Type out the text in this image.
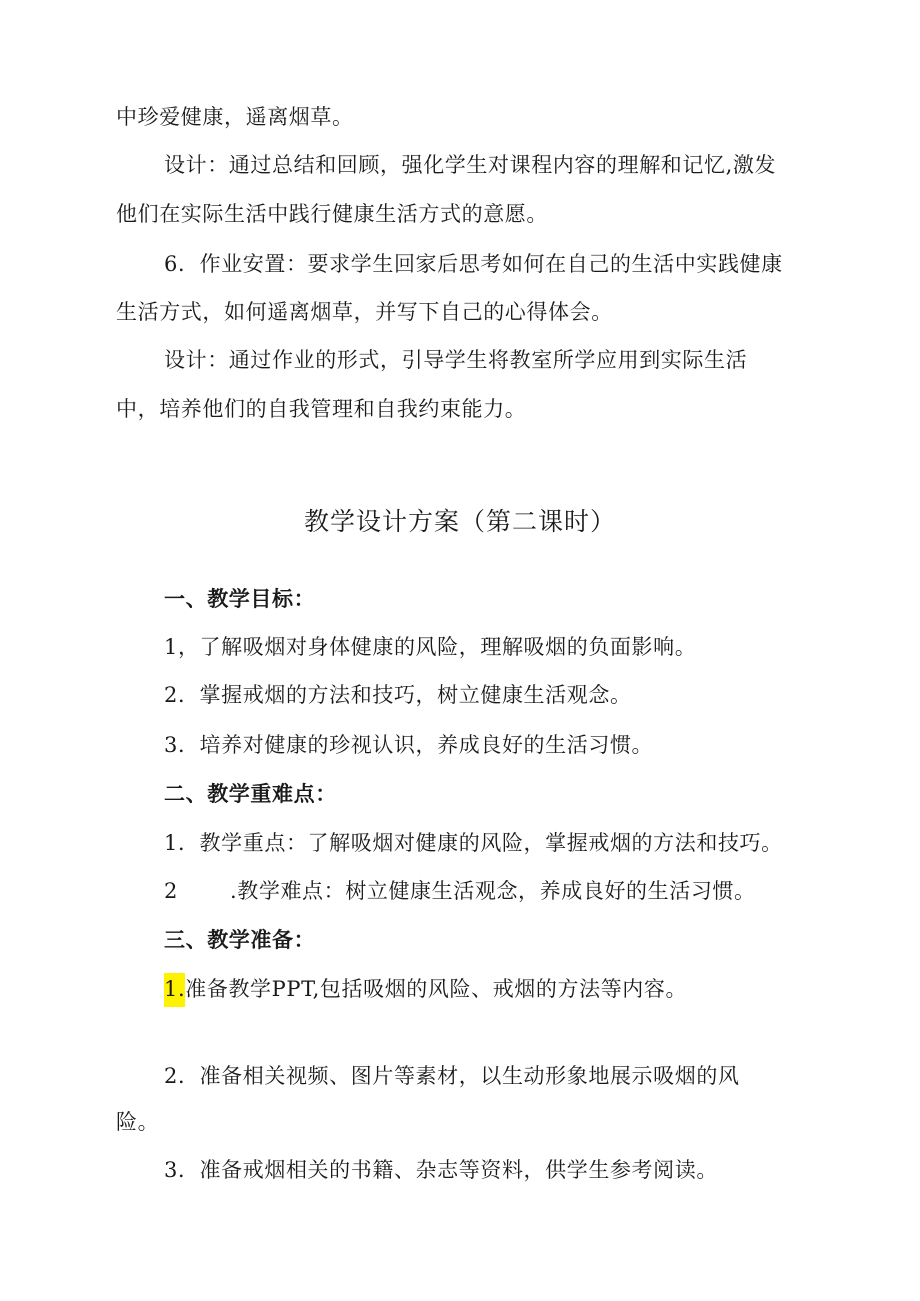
中珍爱健康，遥离烟草。
设计：通过总结和回顾，强化学生对课程内容的理解和记忆,激发
他们在实际生活中践行健康生活方式的意愿。
6．作业安置：要求学生回家后思考如何在自己的生活中实践健康
生活方式，如何遥离烟草，并写下自己的心得体会。
设计：通过作业的形式，引导学生将教室所学应用到实际生活
中，培养他们的自我管理和自我约束能力。
教学设计方案（第二课时）
一、教学目标：
1，了解吸烟对身体健康的风险，理解吸烟的负面影响。
2．掌握戒烟的方法和技巧，树立健康生活观念。
3．培养对健康的珍视认识，养成良好的生活习惯。
二、教学重难点：
1．教学重点：了解吸烟对健康的风险，掌握戒烟的方法和技巧。
2 .教学难点：树立健康生活观念，养成良好的生活习惯。
三、教学准备：
1.准备教学PPT,包括吸烟的风险、戒烟的方法等内容。
2．准备相关视频、图片等素材，以生动形象地展示吸烟的风
险。
3．准备戒烟相关的书籍、杂志等资料，供学生参考阅读。
